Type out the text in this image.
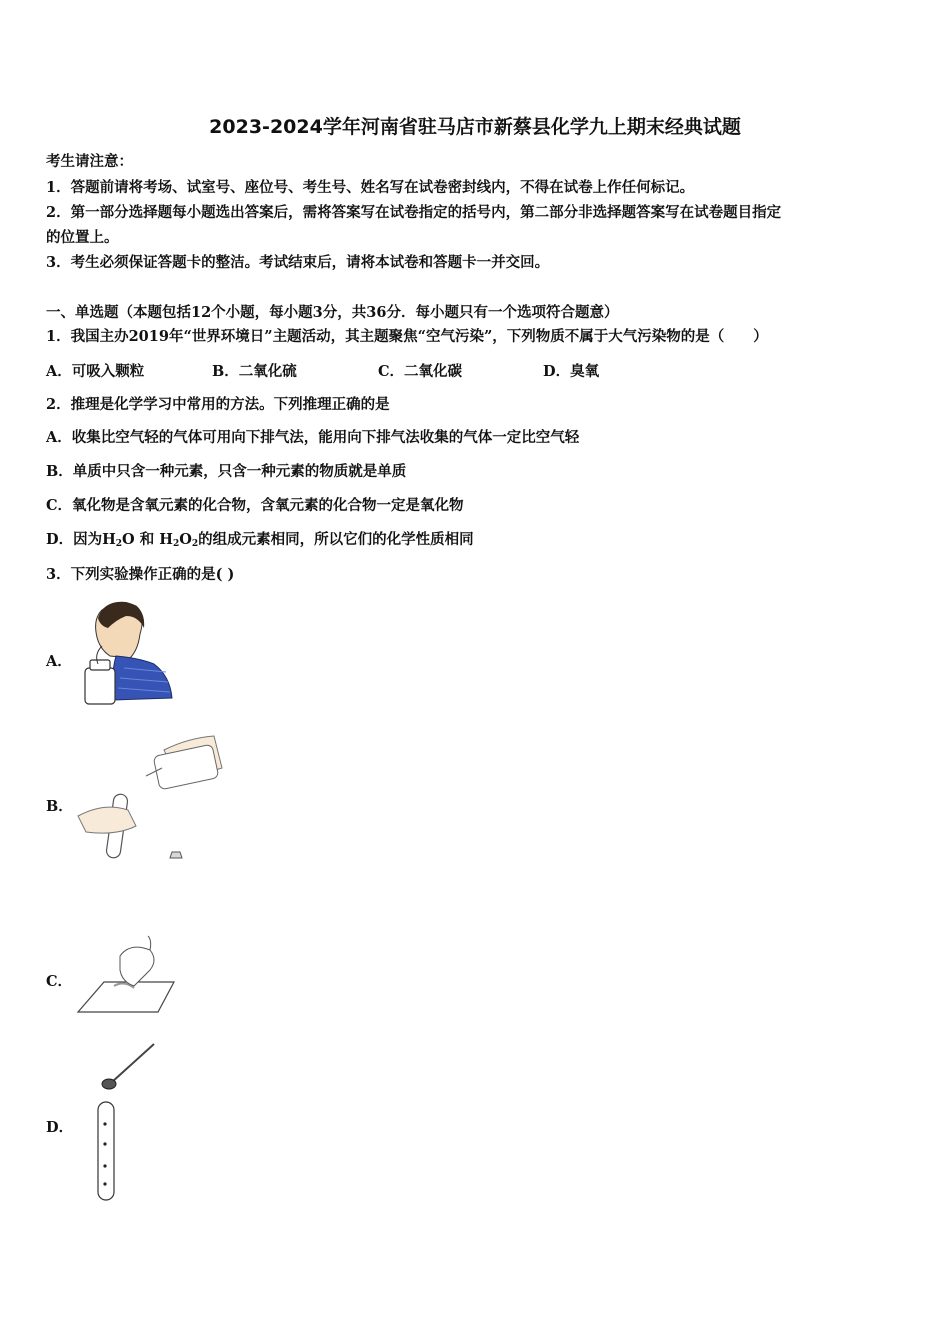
2023-2024学年河南省驻马店市新蔡县化学九上期末经典试题
考生请注意：
1．答题前请将考场、试室号、座位号、考生号、姓名写在试卷密封线内，不得在试卷上作任何标记。
2．第一部分选择题每小题选出答案后，需将答案写在试卷指定的括号内，第二部分非选择题答案写在试卷题目指定
的位置上。
3．考生必须保证答题卡的整洁。考试结束后，请将本试卷和答题卡一并交回。
一、单选题（本题包括12个小题，每小题3分，共36分．每小题只有一个选项符合题意）
1．我国主办2019年“世界环境日”主题活动，其主题聚焦“空气污染”，下列物质不属于大气污染物的是（　　）
A．可吸入颗粒	B．二氧化硫	C．二氧化碳	D．臭氧
2．推理是化学学习中常用的方法。下列推理正确的是
A．收集比空气轻的气体可用向下排气法，能用向下排气法收集的气体一定比空气轻
B．单质中只含一种元素，只含一种元素的物质就是单质
C．氧化物是含氧元素的化合物，含氧元素的化合物一定是氧化物
D．因为$H_2O$ 和 $H_2O_2$的组成元素相同，所以它们的化学性质相同
3．下列实验操作正确的是( )
A．
B．
C．
D．
